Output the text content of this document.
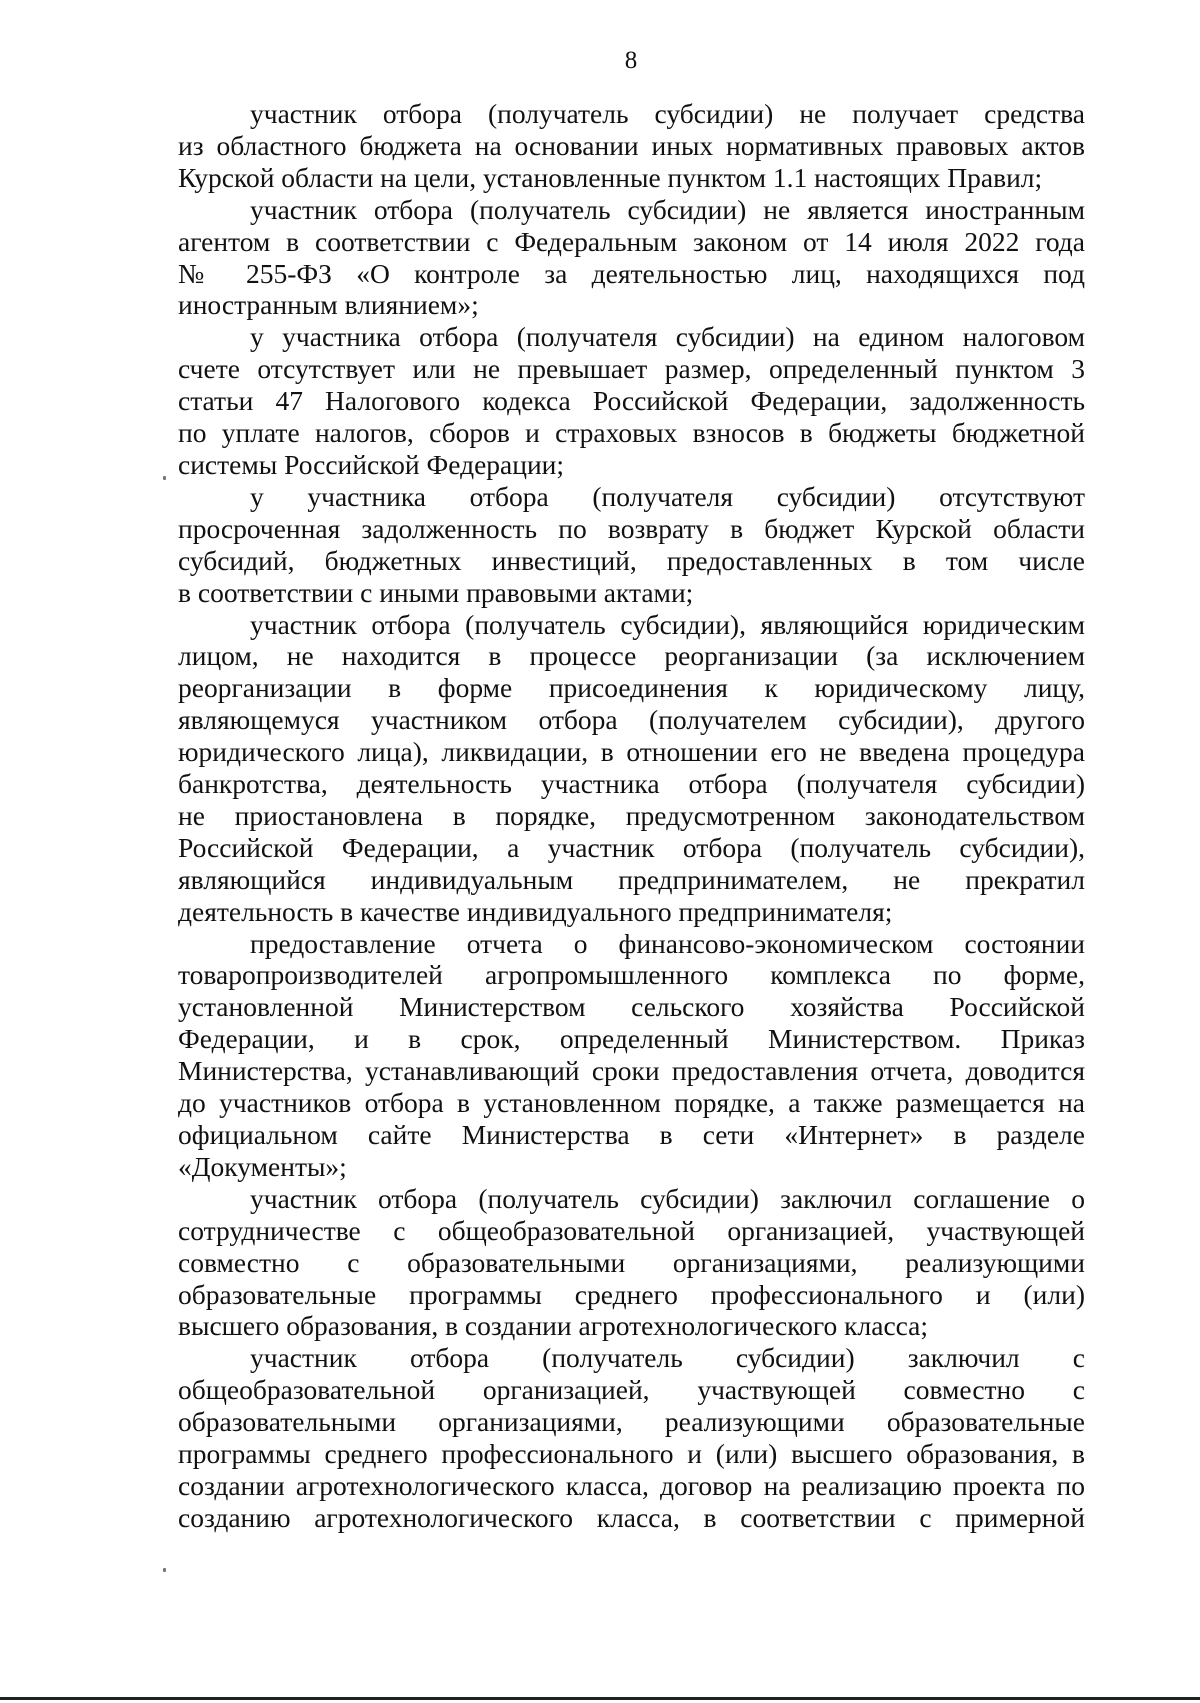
8
участник отбора (получатель субсидии) не получает средства
из областного бюджета на основании иных нормативных правовых актов
Курской области на цели, установленные пунктом 1.1 настоящих Правил;
участник отбора (получатель субсидии) не является иностранным
агентом в соответствии с Федеральным законом от 14 июля 2022 года
№ 255-ФЗ «О контроле за деятельностью лиц, находящихся под
иностранным влиянием»;
у участника отбора (получателя субсидии) на едином налоговом
счете отсутствует или не превышает размер, определенный пунктом 3
статьи 47 Налогового кодекса Российской Федерации, задолженность
по уплате налогов, сборов и страховых взносов в бюджеты бюджетной
системы Российской Федерации;
у участника отбора (получателя субсидии) отсутствуют
просроченная задолженность по возврату в бюджет Курской области
субсидий, бюджетных инвестиций, предоставленных в том числе
в соответствии с иными правовыми актами;
участник отбора (получатель субсидии), являющийся юридическим
лицом, не находится в процессе реорганизации (за исключением
реорганизации в форме присоединения к юридическому лицу,
являющемуся участником отбора (получателем субсидии), другого
юридического лица), ликвидации, в отношении его не введена процедура
банкротства, деятельность участника отбора (получателя субсидии)
не приостановлена в порядке, предусмотренном законодательством
Российской Федерации, а участник отбора (получатель субсидии),
являющийся индивидуальным предпринимателем, не прекратил
деятельность в качестве индивидуального предпринимателя;
предоставление отчета о финансово-экономическом состоянии
товаропроизводителей агропромышленного комплекса по форме,
установленной Министерством сельского хозяйства Российской
Федерации, и в срок, определенный Министерством. Приказ
Министерства, устанавливающий сроки предоставления отчета, доводится
до участников отбора в установленном порядке, а также размещается на
официальном сайте Министерства в сети «Интернет» в разделе
«Документы»;
участник отбора (получатель субсидии) заключил соглашение о
сотрудничестве с общеобразовательной организацией, участвующей
совместно с образовательными организациями, реализующими
образовательные программы среднего профессионального и (или)
высшего образования, в создании агротехнологического класса;
участник отбора (получатель субсидии) заключил с
общеобразовательной организацией, участвующей совместно с
образовательными организациями, реализующими образовательные
программы среднего профессионального и (или) высшего образования, в
создании агротехнологического класса, договор на реализацию проекта по
созданию агротехнологического класса, в соответствии с примерной
